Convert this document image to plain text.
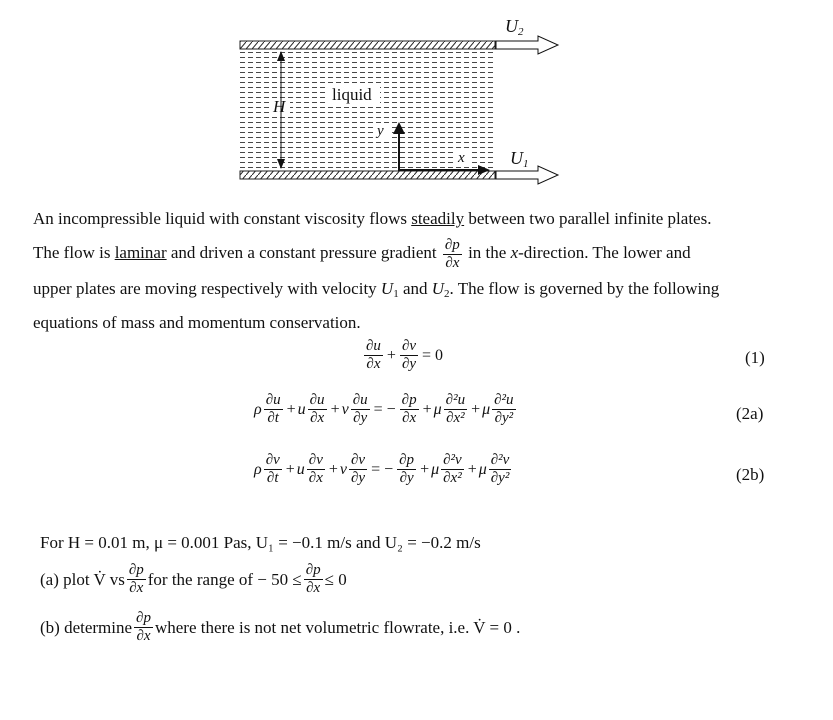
$U_2$
$U_1$
liquid
H
y
x
An incompressible liquid with constant viscosity flows steadily between two parallel infinite plates.
The flow is laminar and driven a constant pressure gradient $\frac{\partial p}{\partial x}$ in the x-direction. The lower and
upper plates are moving respectively with velocity $U_1$ and $U_2$. The flow is governed by the following
equations of mass and momentum conservation.
$\frac{\partial u}{\partial x} + \frac{\partial v}{\partial y} = 0$	(1)
ρ $\frac{\partial u}{\partial t} + u \frac{\partial u}{\partial x} + v \frac{\partial u}{\partial y}$ = − $\frac{\partial p}{\partial x} + \mu \frac{\text{∂²u}}{\text{∂x²}} + \mu \frac{\text{∂²u}}{\text{∂y²}}$	(2a)
ρ $\frac{\partial v}{\partial t} + u \frac{\partial v}{\partial x} + v \frac{\partial v}{\partial y}$ = − $\frac{\partial p}{\partial y} + \mu \frac{\text{∂²v}}{\text{∂x²}} + \mu \frac{\text{∂²v}}{\text{∂y²}}$	(2b)
For H = 0.01 m, μ = 0.001 Pas, U₁ = −0.1 m/s and U₂ = −0.2 m/s
(a) plot V̇ vs $\frac{\partial p}{\partial x}$ for the range of − $50 \le \frac{\partial p}{\partial x} \le 0$
(b) determine $\frac{\partial p}{\partial x}$ where there is not net volumetric flowrate, i.e. V̇ = 0 .
